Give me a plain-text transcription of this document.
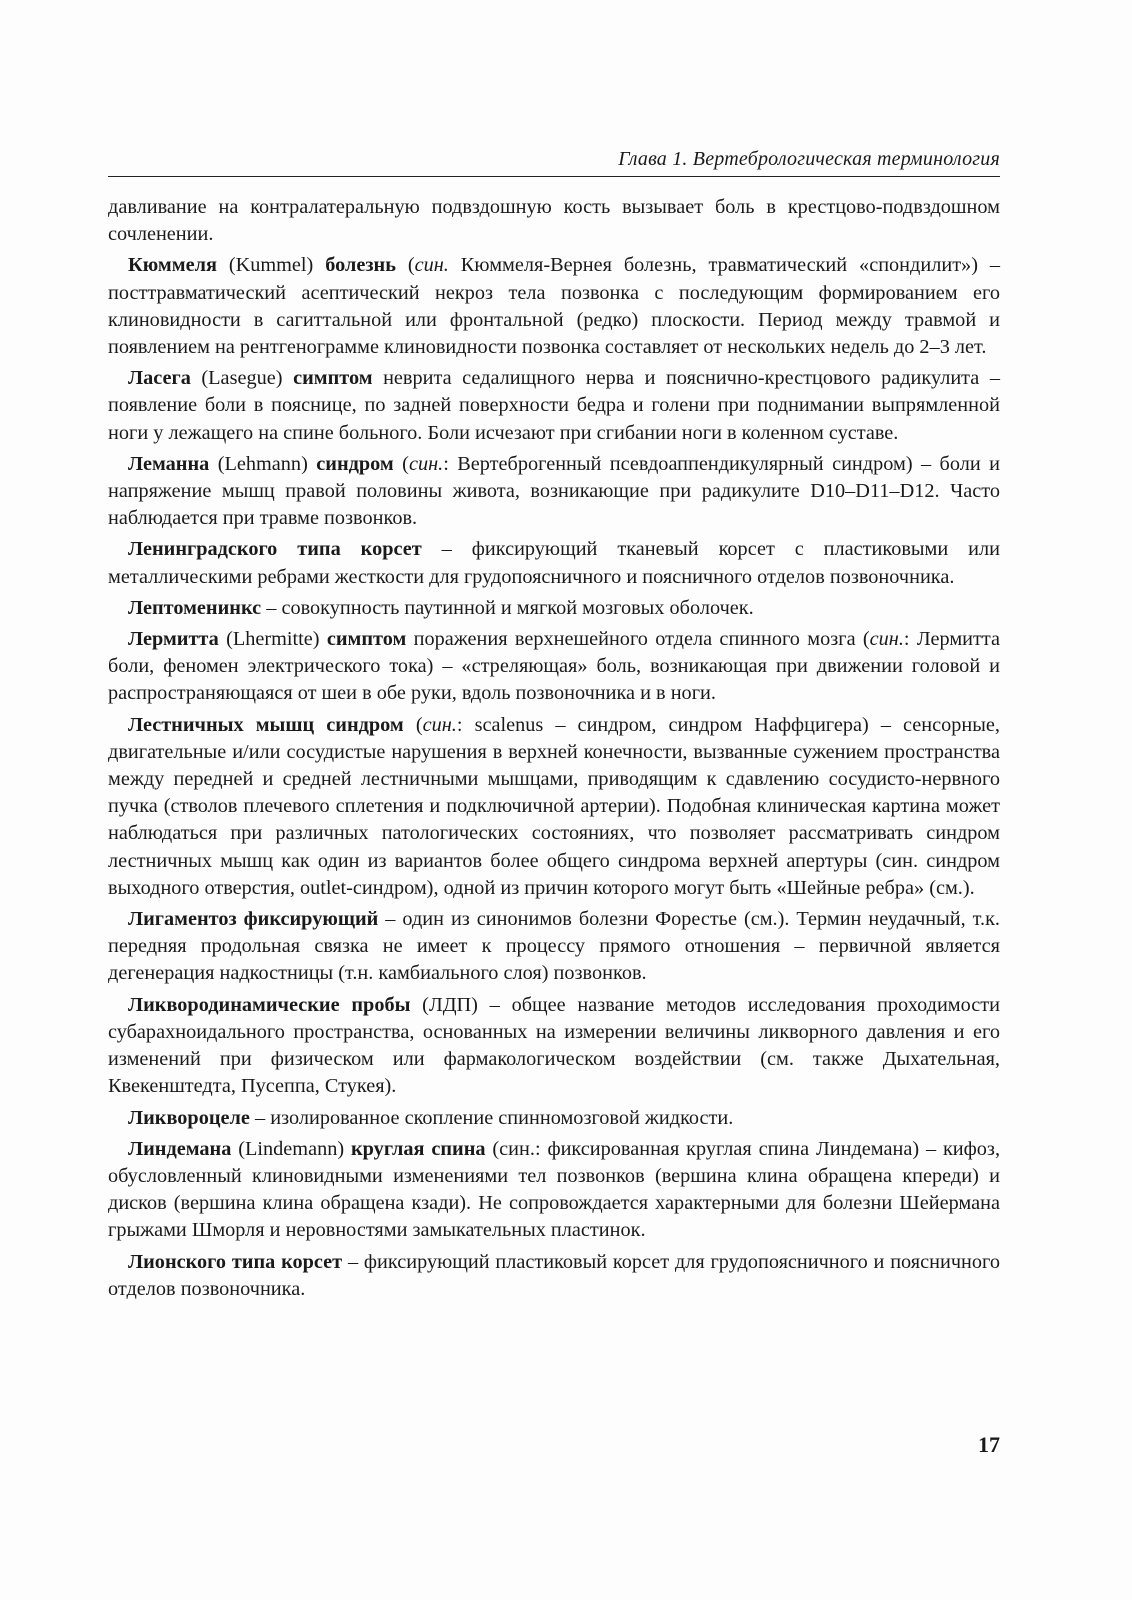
Глава 1. Вертебрологическая терминология

давливание на контралатеральную подвздошную кость вызывает боль в крестцово-подвздошном сочленении.

Кюммеля (Kummel) болезнь (син. Кюммеля-Вернея болезнь, травматический «спондилит») – посттравматический асептический некроз тела позвонка с последующим формированием его клиновидности в сагиттальной или фронтальной (редко) плоскости. Период между травмой и появлением на рентгенограмме клиновидности позвонка составляет от нескольких недель до 2–3 лет.

Ласега (Lasegue) симптом неврита седалищного нерва и пояснично-крестцового радикулита – появление боли в пояснице, по задней поверхности бедра и голени при поднимании выпрямленной ноги у лежащего на спине больного. Боли исчезают при сгибании ноги в коленном суставе.

Леманна (Lehmann) синдром (син.: Вертеброгенный псевдоаппендикулярный синдром) – боли и напряжение мышц правой половины живота, возникающие при радикулите D10–D11–D12. Часто наблюдается при травме позвонков.

Ленинградского типа корсет – фиксирующий тканевый корсет с пластиковыми или металлическими ребрами жесткости для грудопоясничного и поясничного отделов позвоночника.

Лептоменинкс – совокупность паутинной и мягкой мозговых оболочек.

Лермитта (Lhermitte) симптом поражения верхнешейного отдела спинного мозга (син.: Лермитта боли, феномен электрического тока) – «стреляющая» боль, возникающая при движении головой и распространяющаяся от шеи в обе руки, вдоль позвоночника и в ноги.

Лестничных мышц синдром (син.: scalenus – синдром, синдром Наффцигера) – сенсорные, двигательные и/или сосудистые нарушения в верхней конечности, вызванные сужением пространства между передней и средней лестничными мышцами, приводящим к сдавлению сосудисто-нервного пучка (стволов плечевого сплетения и подключичной артерии). Подобная клиническая картина может наблюдаться при различных патологических состояниях, что позволяет рассматривать синдром лестничных мышц как один из вариантов более общего синдрома верхней апертуры (син. синдром выходного отверстия, outlet-синдром), одной из причин которого могут быть «Шейные ребра» (см.).

Лигаментоз фиксирующий – один из синонимов болезни Форестье (см.). Термин неудачный, т.к. передняя продольная связка не имеет к процессу прямого отношения – первичной является дегенерация надкостницы (т.н. камбиального слоя) позвонков.

Ликвородинамические пробы (ЛДП) – общее название методов исследования проходимости субарахноидального пространства, основанных на измерении величины ликворного давления и его изменений при физическом или фармакологическом воздействии (см. также Дыхательная, Квекенштедта, Пусеппа, Стукея).

Ликвороцеле – изолированное скопление спинномозговой жидкости.

Линдемана (Lindemann) круглая спина (син.: фиксированная круглая спина Линдемана) – кифоз, обусловленный клиновидными изменениями тел позвонков (вершина клина обращена кпереди) и дисков (вершина клина обращена кзади). Не сопровождается характерными для болезни Шейермана грыжами Шморля и неровностями замыкательных пластинок.

Лионского типа корсет – фиксирующий пластиковый корсет для грудопоясничного и поясничного отделов позвоночника.

17
